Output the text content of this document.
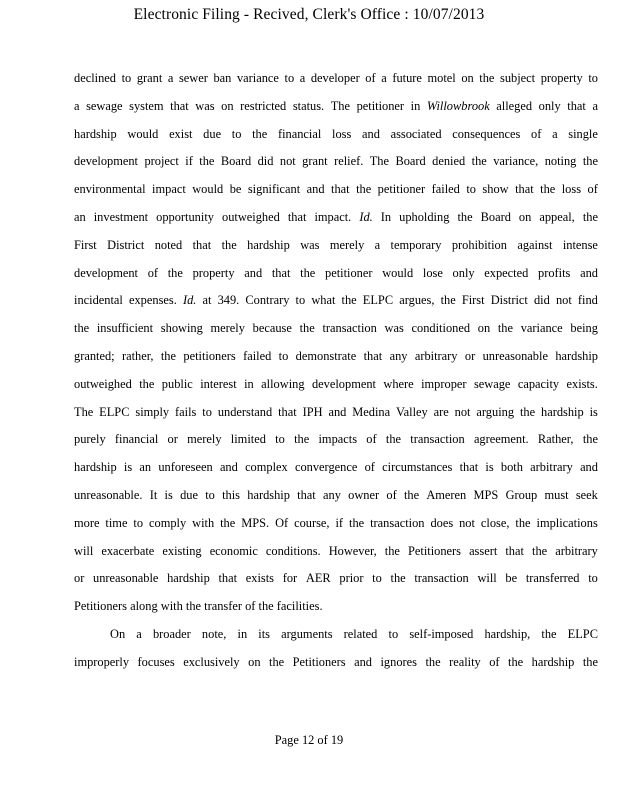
Electronic Filing - Recived, Clerk's Office : 10/07/2013
declined to grant a sewer ban variance to a developer of a future motel on the subject property to
a sewage system that was on restricted status. The petitioner in Willowbrook alleged only that a
hardship would exist due to the financial loss and associated consequences of a single
development project if the Board did not grant relief. The Board denied the variance, noting the
environmental impact would be significant and that the petitioner failed to show that the loss of
an investment opportunity outweighed that impact. Id. In upholding the Board on appeal, the
First District noted that the hardship was merely a temporary prohibition against intense
development of the property and that the petitioner would lose only expected profits and
incidental expenses. Id. at 349. Contrary to what the ELPC argues, the First District did not find
the insufficient showing merely because the transaction was conditioned on the variance being
granted; rather, the petitioners failed to demonstrate that any arbitrary or unreasonable hardship
outweighed the public interest in allowing development where improper sewage capacity exists.
The ELPC simply fails to understand that IPH and Medina Valley are not arguing the hardship is
purely financial or merely limited to the impacts of the transaction agreement. Rather, the
hardship is an unforeseen and complex convergence of circumstances that is both arbitrary and
unreasonable. It is due to this hardship that any owner of the Ameren MPS Group must seek
more time to comply with the MPS. Of course, if the transaction does not close, the implications
will exacerbate existing economic conditions. However, the Petitioners assert that the arbitrary
or unreasonable hardship that exists for AER prior to the transaction will be transferred to
Petitioners
along
with
the
transfer
of
the
facilities.
On a broader note, in its arguments related to self-imposed hardship, the ELPC
improperly focuses exclusively on the Petitioners and ignores the reality of the hardship the
Page 12 of 19
